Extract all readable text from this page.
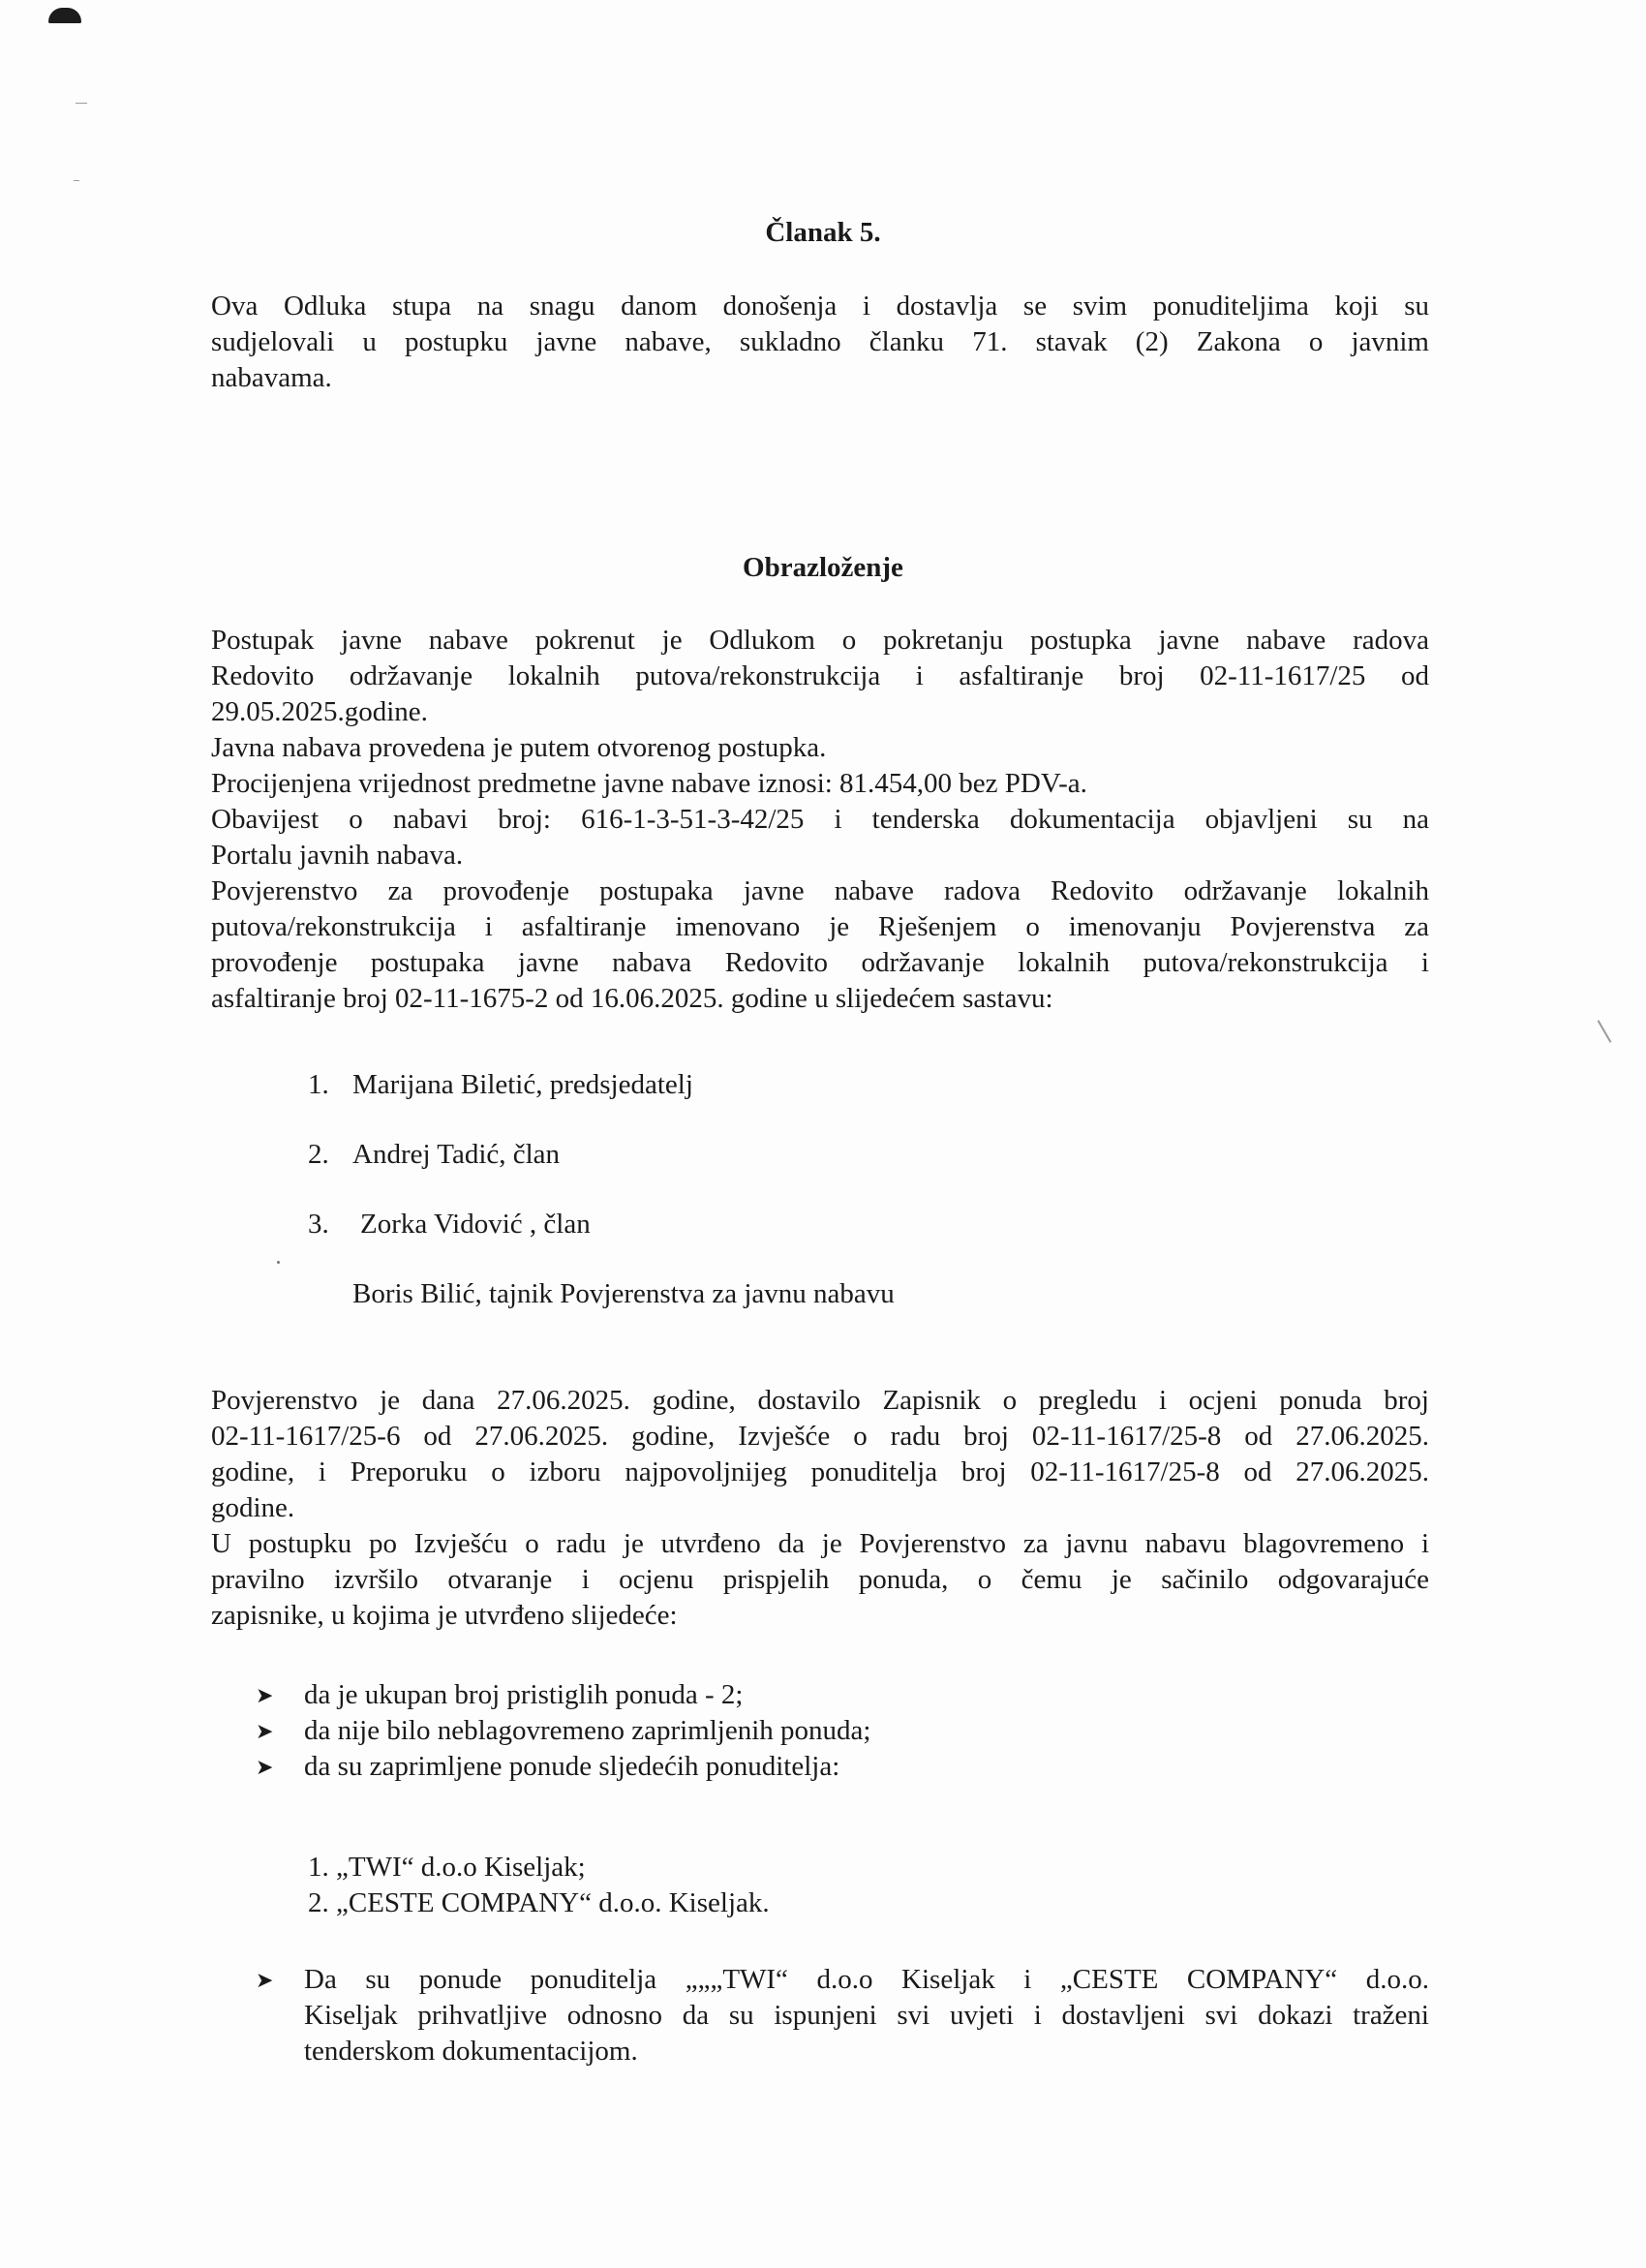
Članak 5.
Ova Odluka stupa na snagu danom donošenja i dostavlja se svim ponuditeljima koji su
sudjelovali u postupku javne nabave, sukladno članku 71. stavak (2) Zakona o javnim
nabavama.
Obrazloženje
Postupak javne nabave pokrenut je Odlukom o pokretanju postupka javne nabave radova
Redovito održavanje lokalnih putova/rekonstrukcija i asfaltiranje broj 02-11-1617/25 od
29.05.2025.godine.
Javna nabava provedena je putem otvorenog postupka.
Procijenjena vrijednost predmetne javne nabave iznosi: 81.454,00 bez PDV-a.
Obavijest o nabavi broj: 616-1-3-51-3-42/25 i tenderska dokumentacija objavljeni su na
Portalu javnih nabava.
Povjerenstvo za provođenje postupaka javne nabave radova Redovito održavanje lokalnih
putova/rekonstrukcija i asfaltiranje imenovano je Rješenjem o imenovanju Povjerenstva za
provođenje postupaka javne nabava Redovito održavanje lokalnih putova/rekonstrukcija i
asfaltiranje broj 02-11-1675-2 od 16.06.2025. godine u slijedećem sastavu:
1. Marijana Biletić, predsjedatelj
2. Andrej Tadić, član
3. Zorka Vidović , član
Boris Bilić, tajnik Povjerenstva za javnu nabavu
Povjerenstvo je dana 27.06.2025. godine, dostavilo Zapisnik o pregledu i ocjeni ponuda broj
02-11-1617/25-6 od 27.06.2025. godine, Izvješće o radu broj 02-11-1617/25-8 od 27.06.2025.
godine, i Preporuku o izboru najpovoljnijeg ponuditelja broj 02-11-1617/25-8 od 27.06.2025.
godine.
U postupku po Izvješću o radu je utvrđeno da je Povjerenstvo za javnu nabavu blagovremeno i
pravilno izvršilo otvaranje i ocjenu prispjelih ponuda, o čemu je sačinilo odgovarajuće
zapisnike, u kojima je utvrđeno slijedeće:
➤ da je ukupan broj pristiglih ponuda - 2;
➤ da nije bilo neblagovremeno zaprimljenih ponuda;
➤ da su zaprimljene ponude sljedećih ponuditelja:
1. „TWI“ d.o.o Kiseljak;
2. „CESTE COMPANY“ d.o.o. Kiseljak.
➤ Da su ponude ponuditelja „„„TWI“ d.o.o Kiseljak i „CESTE COMPANY“ d.o.o.
Kiseljak prihvatljive odnosno da su ispunjeni svi uvjeti i dostavljeni svi dokazi traženi
tenderskom dokumentacijom.
